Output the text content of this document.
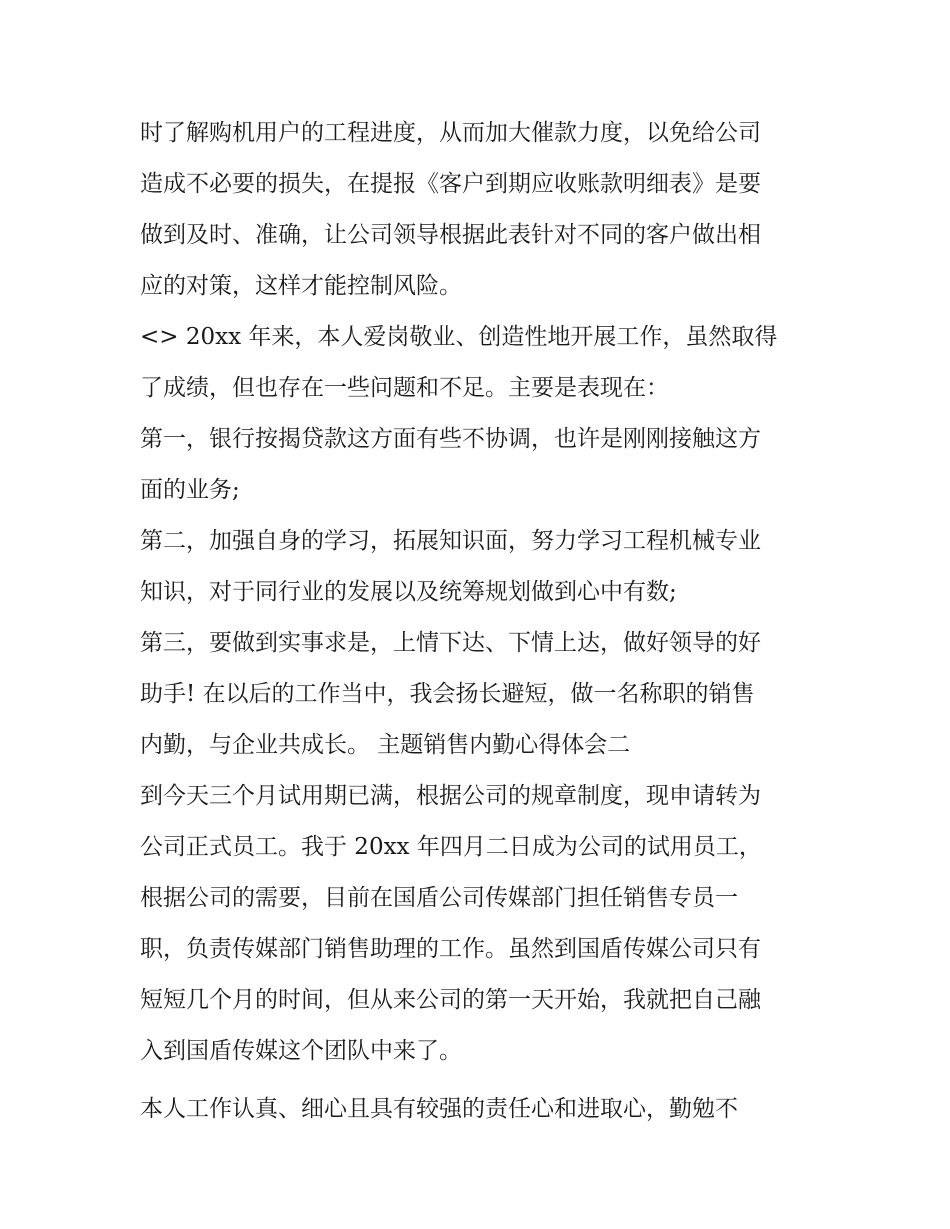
时了解购机用户的工程进度，从而加大催款力度，以免给公司
造成不必要的损失，在提报《客户到期应收账款明细表》是要
做到及时、准确，让公司领导根据此表针对不同的客户做出相
应的对策，这样才能控制风险。
<> 20xx 年来，本人爱岗敬业、创造性地开展工作，虽然取得
了成绩，但也存在一些问题和不足。主要是表现在：
第一，银行按揭贷款这方面有些不协调，也许是刚刚接触这方
面的业务;
第二，加强自身的学习，拓展知识面，努力学习工程机械专业
知识，对于同行业的发展以及统筹规划做到心中有数;
第三，要做到实事求是，上情下达、下情上达，做好领导的好
助手! 在以后的工作当中，我会扬长避短，做一名称职的销售
内勤，与企业共成长。 主题销售内勤心得体会二
到今天三个月试用期已满，根据公司的规章制度，现申请转为
公司正式员工。我于 20xx 年四月二日成为公司的试用员工，
根据公司的需要，目前在国盾公司传媒部门担任销售专员一
职，负责传媒部门销售助理的工作。虽然到国盾传媒公司只有
短短几个月的时间，但从来公司的第一天开始，我就把自己融
入到国盾传媒这个团队中来了。
本人工作认真、细心且具有较强的责任心和进取心，勤勉不
